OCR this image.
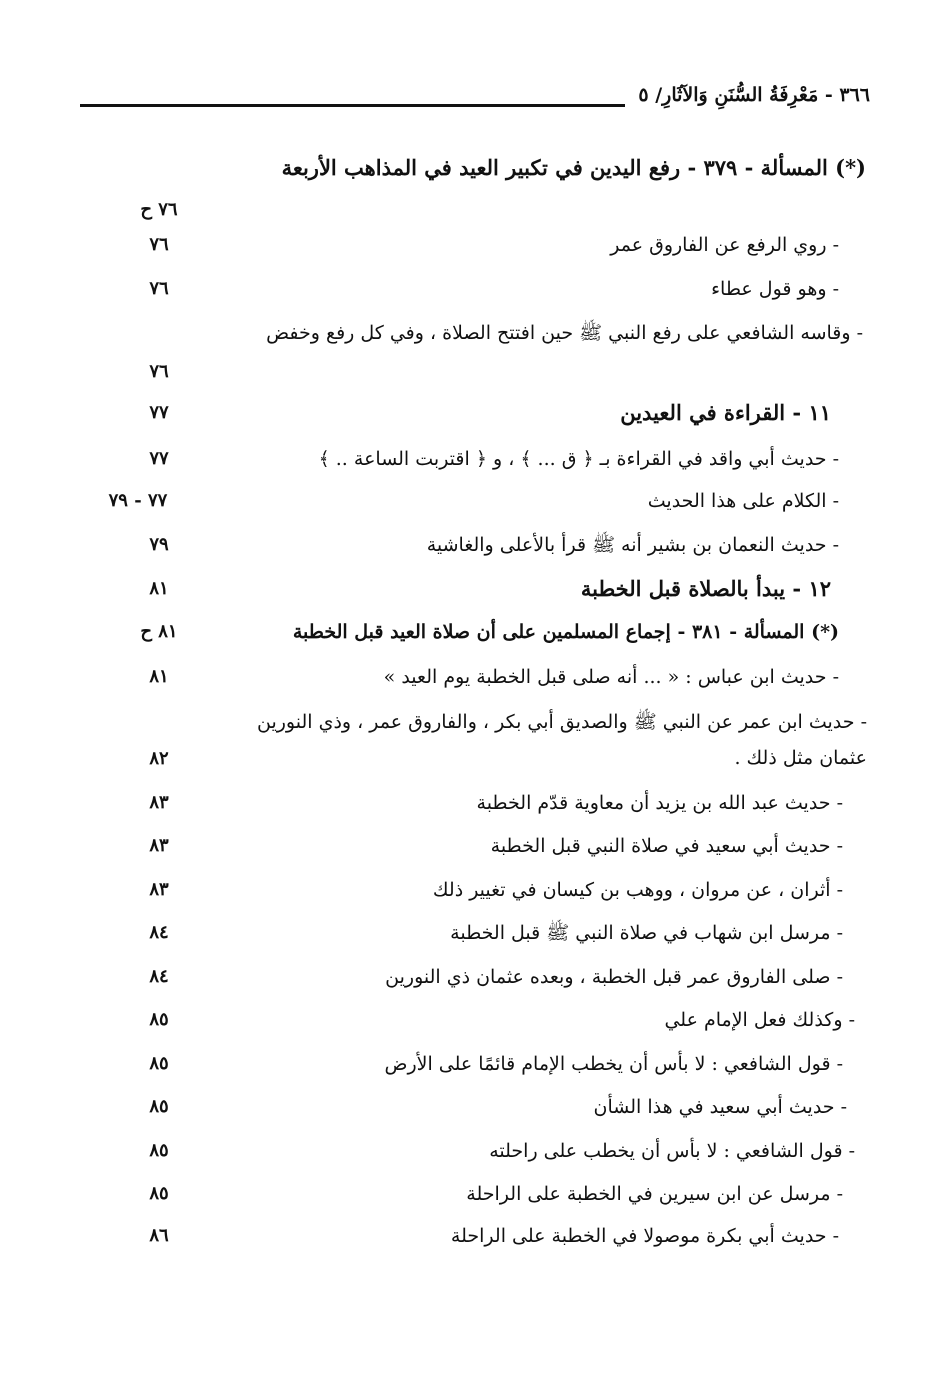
٣٦٦ - مَعْرِفَةُ السُّنَنِ وَالآثَارِ/ ٥
(*) المسألة - ٣٧٩ - رفع اليدين في تكبير العيد في المذاهب الأربعة
٧٦ ح
- روي الرفع عن الفاروق عمر
٧٦
- وهو قول عطاء
٧٦
- وقاسه الشافعي على رفع النبي ﷺ حين افتتح الصلاة ، وفي كل رفع وخفض
٧٦
١١ - القراءة في العيدين
٧٧
- حديث أبي واقد في القراءة بـ ﴿ ق ... ﴾ ، و ﴿ اقتربت الساعة .. ﴾
٧٧
- الكلام على هذا الحديث
٧٧ - ٧٩
- حديث النعمان بن بشير أنه ﷺ قرأ بالأعلى والغاشية
٧٩
١٢ - يبدأ بالصلاة قبل الخطبة
٨١
(*) المسألة - ٣٨١ - إجماع المسلمين على أن صلاة العيد قبل الخطبة
٨١ ح
- حديث ابن عباس : « ... أنه صلى قبل الخطبة يوم العيد »
٨١
- حديث ابن عمر عن النبي ﷺ والصديق أبي بكر ، والفاروق عمر ، وذي النورين عثمان مثل ذلك .
٨٢
- حديث عبد الله بن يزيد أن معاوية قدّم الخطبة
٨٣
- حديث أبي سعيد في صلاة النبي قبل الخطبة
٨٣
- أثران ، عن مروان ، ووهب بن كيسان في تغيير ذلك
٨٣
- مرسل ابن شهاب في صلاة النبي ﷺ قبل الخطبة
٨٤
- صلى الفاروق عمر قبل الخطبة ، وبعده عثمان ذي النورين
٨٤
- وكذلك فعل الإمام علي
٨٥
- قول الشافعي : لا بأس أن يخطب الإمام قائمًا على الأرض
٨٥
- حديث أبي سعيد في هذا الشأن
٨٥
- قول الشافعي : لا بأس أن يخطب على راحلته
٨٥
- مرسل عن ابن سيرين في الخطبة على الراحلة
٨٥
- حديث أبي بكرة موصولا في الخطبة على الراحلة
٨٦
